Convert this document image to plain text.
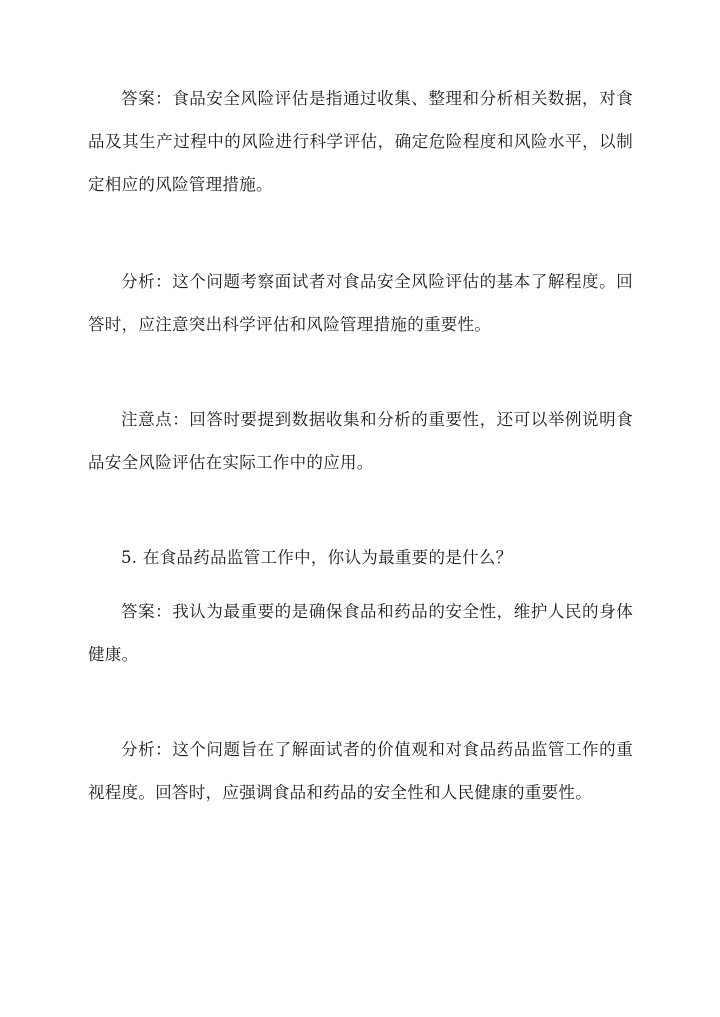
答案：食品安全风险评估是指通过收集、整理和分析相关数据，对食品及其生产过程中的风险进行科学评估，确定危险程度和风险水平，以制定相应的风险管理措施。

分析：这个问题考察面试者对食品安全风险评估的基本了解程度。回答时，应注意突出科学评估和风险管理措施的重要性。

注意点：回答时要提到数据收集和分析的重要性，还可以举例说明食品安全风险评估在实际工作中的应用。

5. 在食品药品监管工作中，你认为最重要的是什么？

答案：我认为最重要的是确保食品和药品的安全性，维护人民的身体健康。

分析：这个问题旨在了解面试者的价值观和对食品药品监管工作的重视程度。回答时，应强调食品和药品的安全性和人民健康的重要性。
